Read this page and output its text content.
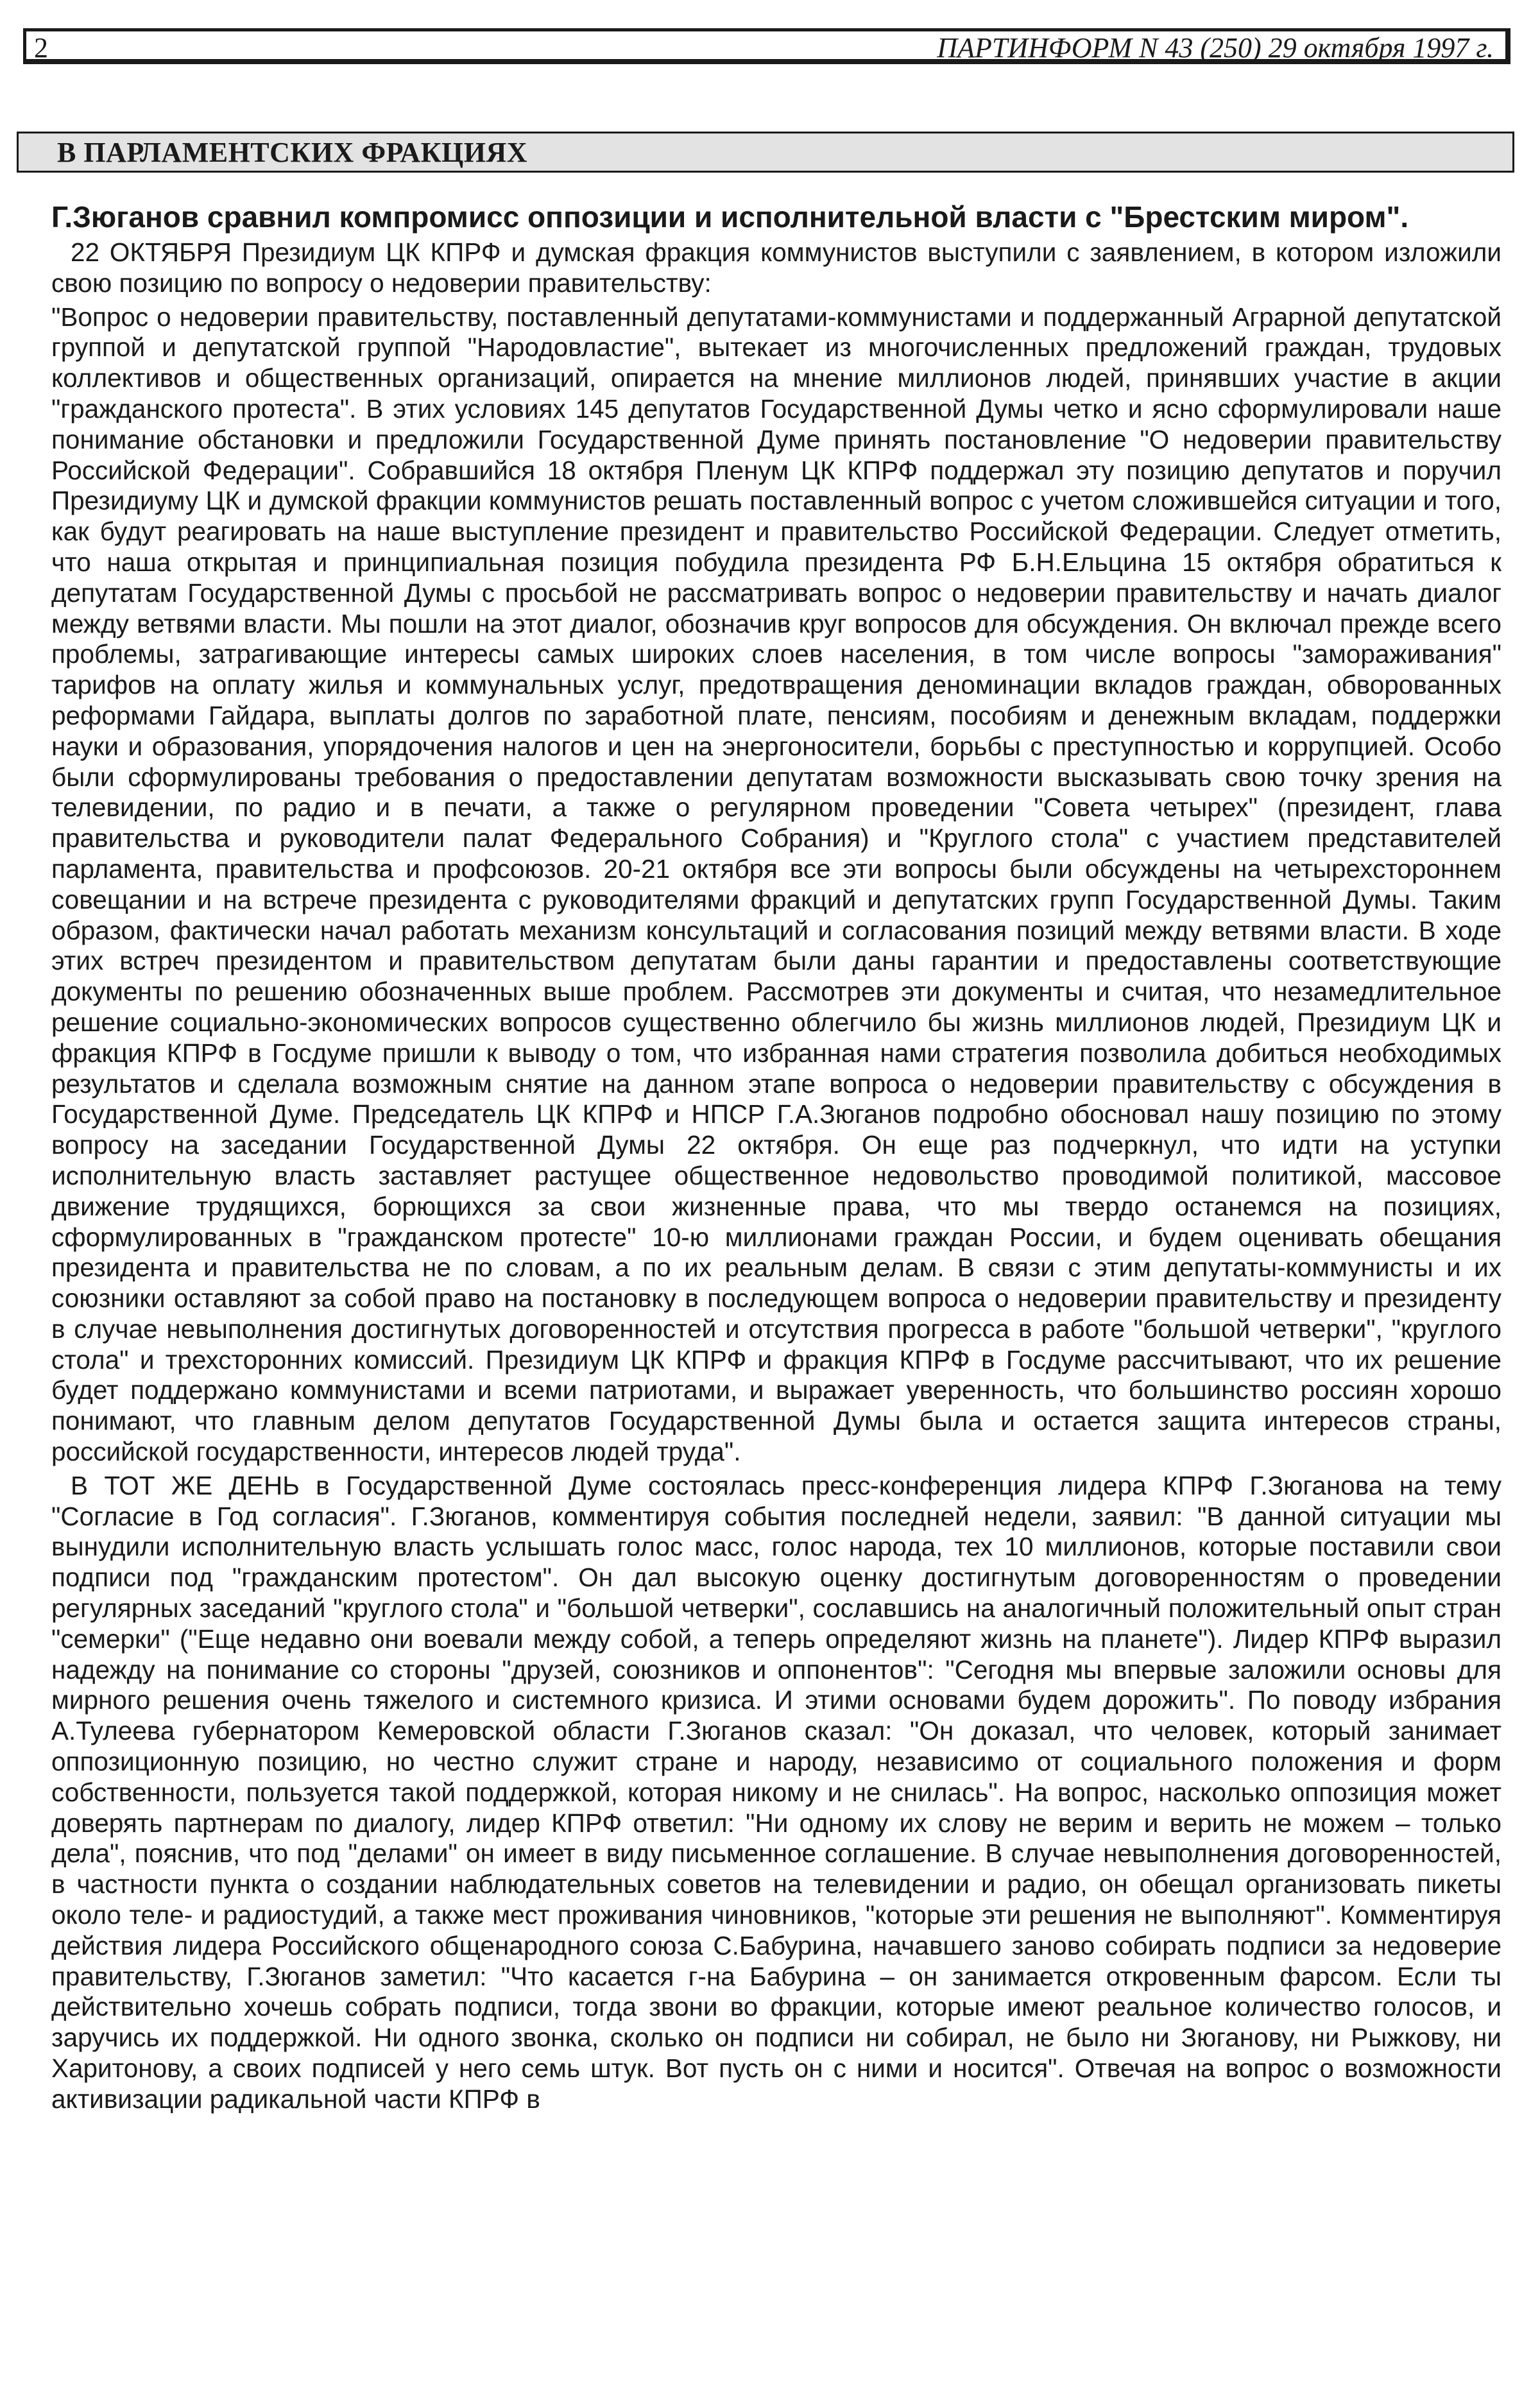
2	ПАРТИНФОРМ N 43 (250) 29 октября 1997 г.
В ПАРЛАМЕНТСКИХ ФРАКЦИЯХ
Г.Зюганов сравнил компромисс оппозиции и исполнительной власти с "Брестским миром".

22 ОКТЯБРЯ Президиум ЦК КПРФ и думская фракция коммунистов выступили с заявлением, в котором изложили свою позицию по вопросу о недоверии правительству:

"Вопрос о недоверии правительству, поставленный депутатами-коммунистами и поддержанный Аграрной депутатской группой и депутатской группой "Народовластие", вытекает из многочисленных предложений граждан, трудовых коллективов и общественных организаций, опирается на мнение миллионов людей, принявших участие в акции "гражданского протеста". В этих условиях 145 депутатов Государственной Думы четко и ясно сформулировали наше понимание обстановки и предложили Государственной Думе принять постановление "О недоверии правительству Российской Федерации". Собравшийся 18 октября Пленум ЦК КПРФ поддержал эту позицию депутатов и поручил Президиуму ЦК и думской фракции коммунистов решать поставленный вопрос с учетом сложившейся ситуации и того, как будут реагировать на наше выступление президент и правительство Российской Федерации. Следует отметить, что наша открытая и принципиальная позиция побудила президента РФ Б.Н.Ельцина 15 октября обратиться к депутатам Государственной Думы с просьбой не рассматривать вопрос о недоверии правительству и начать диалог между ветвями власти. Мы пошли на этот диалог, обозначив круг вопросов для обсуждения. Он включал прежде всего проблемы, затрагивающие интересы самых широких слоев населения, в том числе вопросы "замораживания" тарифов на оплату жилья и коммунальных услуг, предотвращения деноминации вкладов граждан, обворованных реформами Гайдара, выплаты долгов по заработной плате, пенсиям, пособиям и денежным вкладам, поддержки науки и образования, упорядочения налогов и цен на энергоносители, борьбы с преступностью и коррупцией. Особо были сформулированы требования о предоставлении депутатам возможности высказывать свою точку зрения на телевидении, по радио и в печати, а также о регулярном проведении "Совета четырех" (президент, глава правительства и руководители палат Федерального Собрания) и "Круглого стола" с участием представителей парламента, правительства и профсоюзов. 20-21 октября все эти вопросы были обсуждены на четырехстороннем совещании и на встрече президента с руководителями фракций и депутатских групп Государственной Думы. Таким образом, фактически начал работать механизм консультаций и согласования позиций между ветвями власти. В ходе этих встреч президентом и правительством депутатам были даны гарантии и предоставлены соответствующие документы по решению обозначенных выше проблем. Рассмотрев эти документы и считая, что незамедлительное решение социально-экономических вопросов существенно облегчило бы жизнь миллионов людей, Президиум ЦК и фракция КПРФ в Госдуме пришли к выводу о том, что избранная нами стратегия позволила добиться необходимых результатов и сделала возможным снятие на данном этапе вопроса о недоверии правительству с обсуждения в Государственной Думе. Председатель ЦК КПРФ и НПСР Г.А.Зюганов подробно обосновал нашу позицию по этому вопросу на заседании Государственной Думы 22 октября. Он еще раз подчеркнул, что идти на уступки исполнительную власть заставляет растущее общественное недовольство проводимой политикой, массовое движение трудящихся, борющихся за свои жизненные права, что мы твердо останемся на позициях, сформулированных в "гражданском протесте" 10-ю миллионами граждан России, и будем оценивать обещания президента и правительства не по словам, а по их реальным делам. В связи с этим депутаты-коммунисты и их союзники оставляют за собой право на постановку в последующем вопроса о недоверии правительству и президенту в случае невыполнения достигнутых договоренностей и отсутствия прогресса в работе "большой четверки", "круглого стола" и трехсторонних комиссий. Президиум ЦК КПРФ и фракция КПРФ в Госдуме рассчитывают, что их решение будет поддержано коммунистами и всеми патриотами, и выражает уверенность, что большинство россиян хорошо понимают, что главным делом депутатов Государственной Думы была и остается защита интересов страны, российской государственности, интересов людей труда".

В ТОТ ЖЕ ДЕНЬ в Государственной Думе состоялась пресс-конференция лидера КПРФ Г.Зюганова на тему "Согласие в Год согласия". Г.Зюганов, комментируя события последней недели, заявил: "В данной ситуации мы вынудили исполнительную власть услышать голос масс, голос народа, тех 10 миллионов, которые поставили свои подписи под "гражданским протестом". Он дал высокую оценку достигнутым договоренностям о проведении регулярных заседаний "круглого стола" и "большой четверки", сославшись на аналогичный положительный опыт стран "семерки" ("Еще недавно они воевали между собой, а теперь определяют жизнь на планете"). Лидер КПРФ выразил надежду на понимание со стороны "друзей, союзников и оппонентов": "Сегодня мы впервые заложили основы для мирного решения очень тяжелого и системного кризиса. И этими основами будем дорожить". По поводу избрания А.Тулеева губернатором Кемеровской области Г.Зюганов сказал: "Он доказал, что человек, который занимает оппозиционную позицию, но честно служит стране и народу, независимо от социального положения и форм собственности, пользуется такой поддержкой, которая никому и не снилась". На вопрос, насколько оппозиция может доверять партнерам по диалогу, лидер КПРФ ответил: "Ни одному их слову не верим и верить не можем – только дела", пояснив, что под "делами" он имеет в виду письменное соглашение. В случае невыполнения договоренностей, в частности пункта о создании наблюдательных советов на телевидении и радио, он обещал организовать пикеты около теле- и радиостудий, а также мест проживания чиновников, "которые эти решения не выполняют". Комментируя действия лидера Российского общенародного союза С.Бабурина, начавшего заново собирать подписи за недоверие правительству, Г.Зюганов заметил: "Что касается г-на Бабурина – он занимается откровенным фарсом. Если ты действительно хочешь собрать подписи, тогда звони во фракции, которые имеют реальное количество голосов, и заручись их поддержкой. Ни одного звонка, сколько он подписи ни собирал, не было ни Зюганову, ни Рыжкову, ни Харитонову, а своих подписей у него семь штук. Вот пусть он с ними и носится". Отвечая на вопрос о возможности активизации радикальной части КПРФ в
